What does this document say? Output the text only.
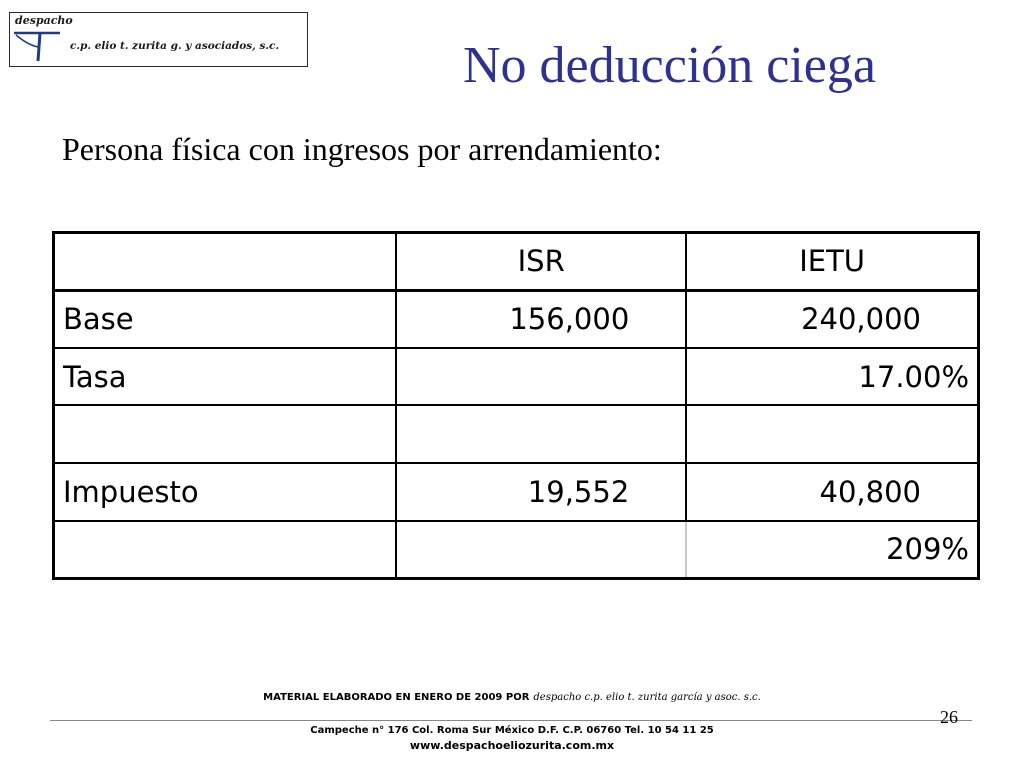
despacho
c.p. elio t. zurita g. y asociados, s.c.	No deducción ciega
Persona física con ingresos por arrendamiento:
	ISR	IETU
Base	156,000	240,000
Tasa		17.00%

Impuesto	19,552	40,800
		209%
MATERIAL ELABORADO EN ENERO DE 2009 POR despacho c.p. elio t. zurita garcía y asoc. s.c.
26
Campeche n° 176 Col. Roma Sur México D.F. C.P. 06760 Tel. 10 54 11 25
www.despachoeliozurita.com.mx
